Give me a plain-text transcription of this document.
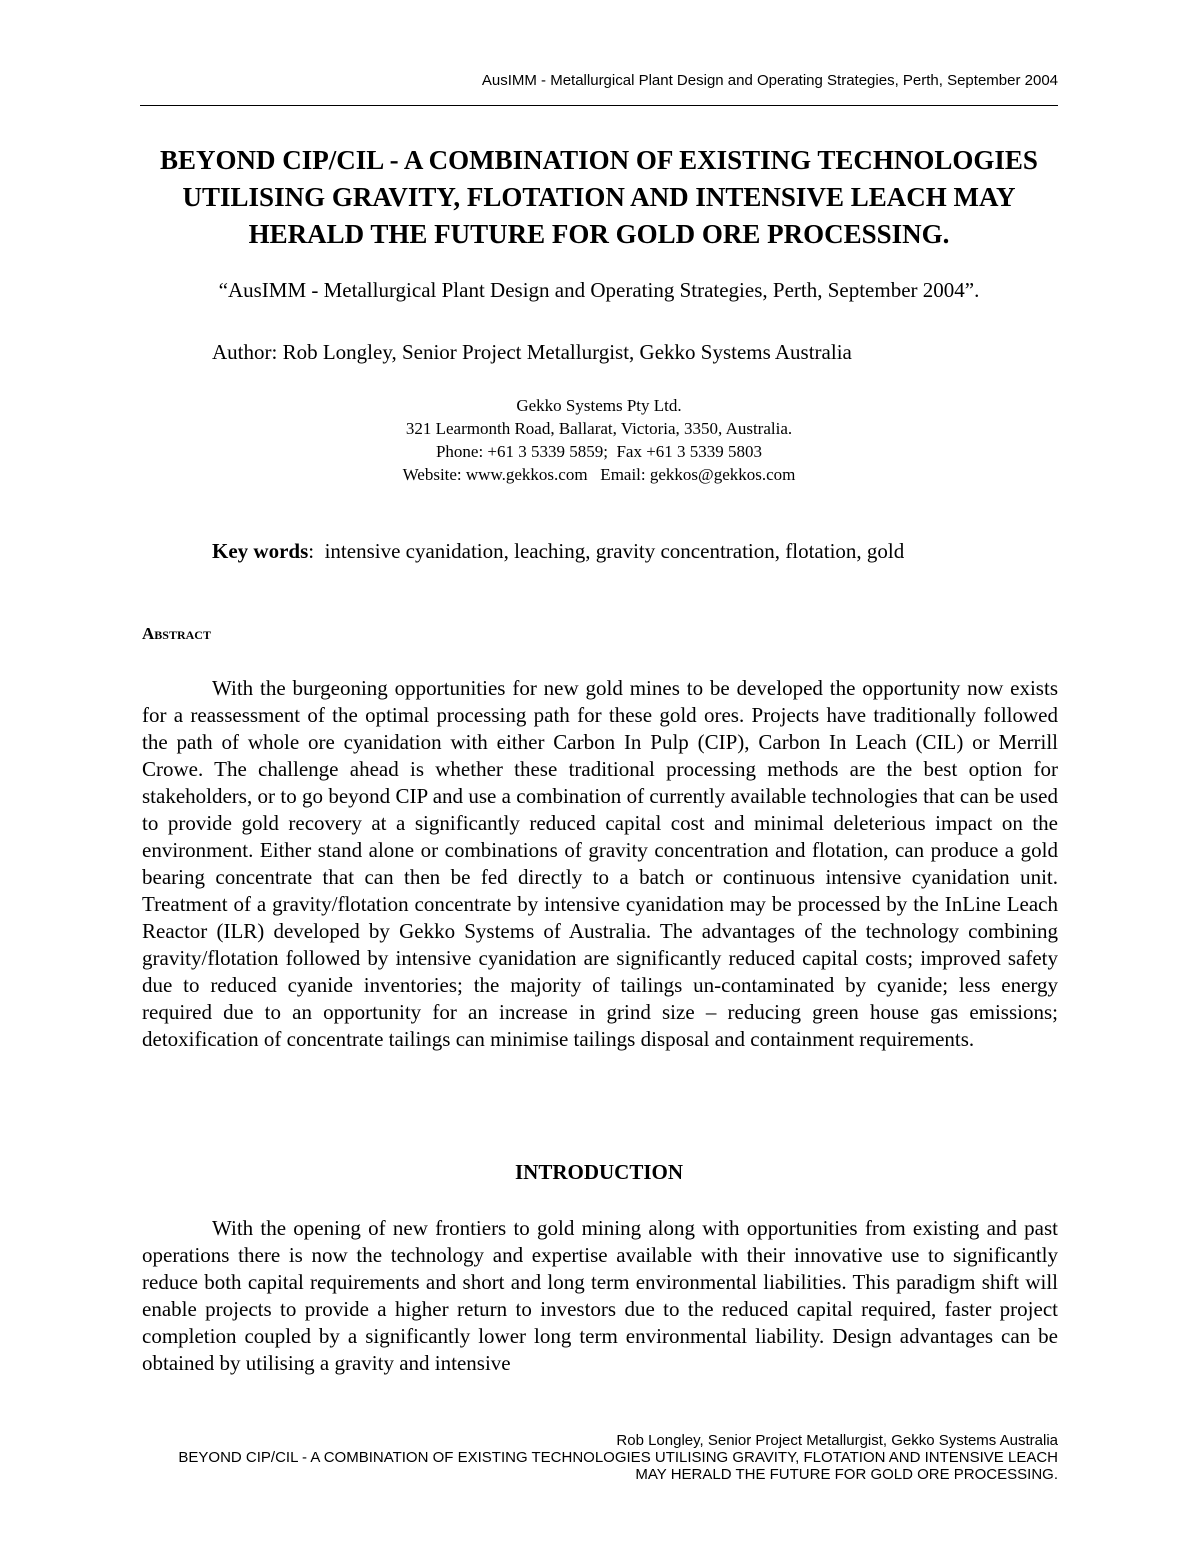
AusIMM - Metallurgical Plant Design and Operating Strategies, Perth, September 2004
BEYOND CIP/CIL - A COMBINATION OF EXISTING TECHNOLOGIES
UTILISING GRAVITY, FLOTATION AND INTENSIVE LEACH MAY
HERALD THE FUTURE FOR GOLD ORE PROCESSING.

“AusIMM - Metallurgical Plant Design and Operating Strategies, Perth, September 2004”.

Author: Rob Longley, Senior Project Metallurgist, Gekko Systems Australia

Gekko Systems Pty Ltd.
321 Learmonth Road, Ballarat, Victoria, 3350, Australia.
Phone: +61 3 5339 5859;  Fax +61 3 5339 5803
Website: www.gekkos.com   Email: gekkos@gekkos.com

Key words:  intensive cyanidation, leaching, gravity concentration, flotation, gold

Abstract

With the burgeoning opportunities for new gold mines to be developed the opportunity now exists for a reassessment of the optimal processing path for these gold ores. Projects have traditionally followed the path of whole ore cyanidation with either Carbon In Pulp (CIP), Carbon In Leach (CIL) or Merrill Crowe. The challenge ahead is whether these traditional processing methods are the best option for stakeholders, or to go beyond CIP and use a combination of currently available technologies that can be used to provide gold recovery at a significantly reduced capital cost and minimal deleterious impact on the environment. Either stand alone or combinations of gravity concentration and flotation, can produce a gold bearing concentrate that can then be fed directly to a batch or continuous intensive cyanidation unit. Treatment of a gravity/flotation concentrate by intensive cyanidation may be processed by the InLine Leach Reactor (ILR) developed by Gekko Systems of Australia. The advantages of the technology combining gravity/flotation followed by intensive cyanidation are significantly reduced capital costs; improved safety due to reduced cyanide inventories; the majority of tailings un-contaminated by cyanide; less energy required due to an opportunity for an increase in grind size – reducing green house gas emissions; detoxification of concentrate tailings can minimise tailings disposal and containment requirements.

INTRODUCTION

With the opening of new frontiers to gold mining along with opportunities from existing and past operations there is now the technology and expertise available with their innovative use to significantly reduce both capital requirements and short and long term environmental liabilities. This paradigm shift will enable projects to provide a higher return to investors due to the reduced capital required, faster project completion coupled by a significantly lower long term environmental liability. Design advantages can be obtained by utilising a gravity and intensive

Rob Longley, Senior Project Metallurgist, Gekko Systems Australia
BEYOND CIP/CIL - A COMBINATION OF EXISTING TECHNOLOGIES UTILISING GRAVITY, FLOTATION AND INTENSIVE LEACH
MAY HERALD THE FUTURE FOR GOLD ORE PROCESSING.
